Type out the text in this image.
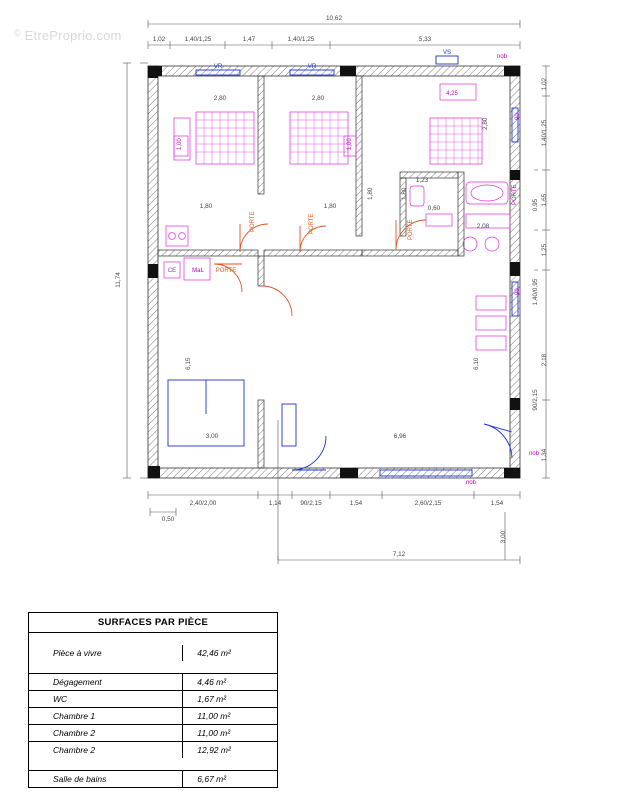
10,62
1,02	1,40/1,25	1,47	1,40/1,25	5,33
11,74
1,02
1,40/1,25
1,65
1,25
0,95
1,40/0,95
2,18
90/2,15
1,34
2,40/2,00	1,14	90/2,15	1,54	2,60/2,15	1,54
0,50
7,12
3,00
1,00
2,80	2,80
1,00
4,25
2,80
2,08
1,23
0,60
1,80
CE	MaL
VR	VR
VS
3,00
6,15	6,10
6,96
PORTE	PORTE	PORTE
PORTE
1,80	1,80
1,80
nob
nob
nob
90
90
PORTE
© EtreProprio.com
SURFACES PAR PIÈCE

Pièce à vivre	42,46 m²

Dégagement	4,46 m²
WC	1,67 m²
Chambre 1	11,00 m²
Chambre 2	11,00 m²
Chambre 2	12,92 m²

Salle de bains	6,67 m²
